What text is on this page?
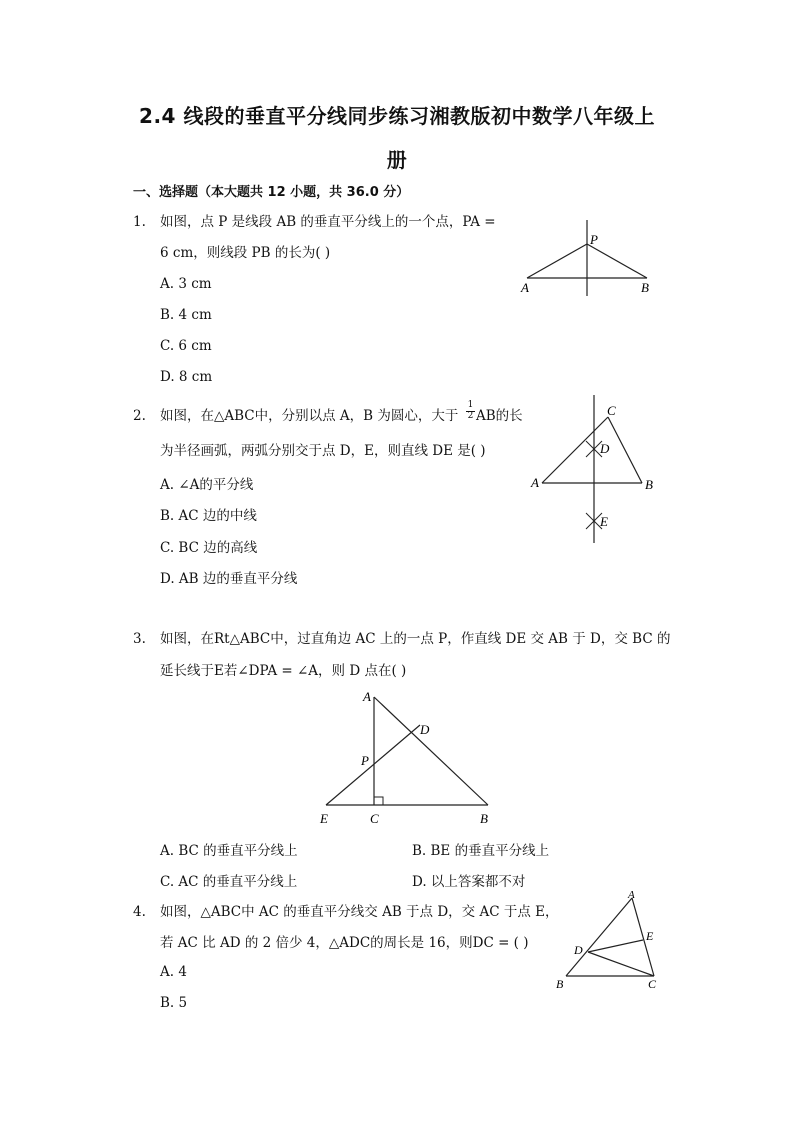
2.4 线段的垂直平分线同步练习湘教版初中数学八年级上
册
一、选择题（本大题共 12 小题，共 36.0 分）
1. 如图，点 P 是线段 AB 的垂直平分线上的一个点，PA =
6 cm，则线段 PB 的长为( )
A. 3 cm
B. 4 cm
C. 6 cm
D. 8 cm
P
A	B
2. 如图，在△ABC中，分别以点 A，B 为圆心，大于 $\frac{1}{2}$ AB的长
为半径画弧，两弧分别交于点 D，E，则直线 DE 是( )
A. ∠A的平分线
B. AC 边的中线
C. BC 边的高线
D. AB 边的垂直平分线
C
D
A	B
E
3. 如图，在Rt△ABC中，过直角边 AC 上的一点 P，作直线 DE 交 AB 于 D，交 BC 的
延长线于E若∠DPA = ∠A，则 D 点在( )
A
D
P
E	C	B
A. BC 的垂直平分线上	B. BE 的垂直平分线上
C. AC 的垂直平分线上	D. 以上答案都不对
4. 如图，△ABC中 AC 的垂直平分线交 AB 于点 D，交 AC 于点 E，
若 AC 比 AD 的 2 倍少 4，△ADC的周长是 16，则DC = ( )
A. 4
B. 5
A
E
D
B	C
